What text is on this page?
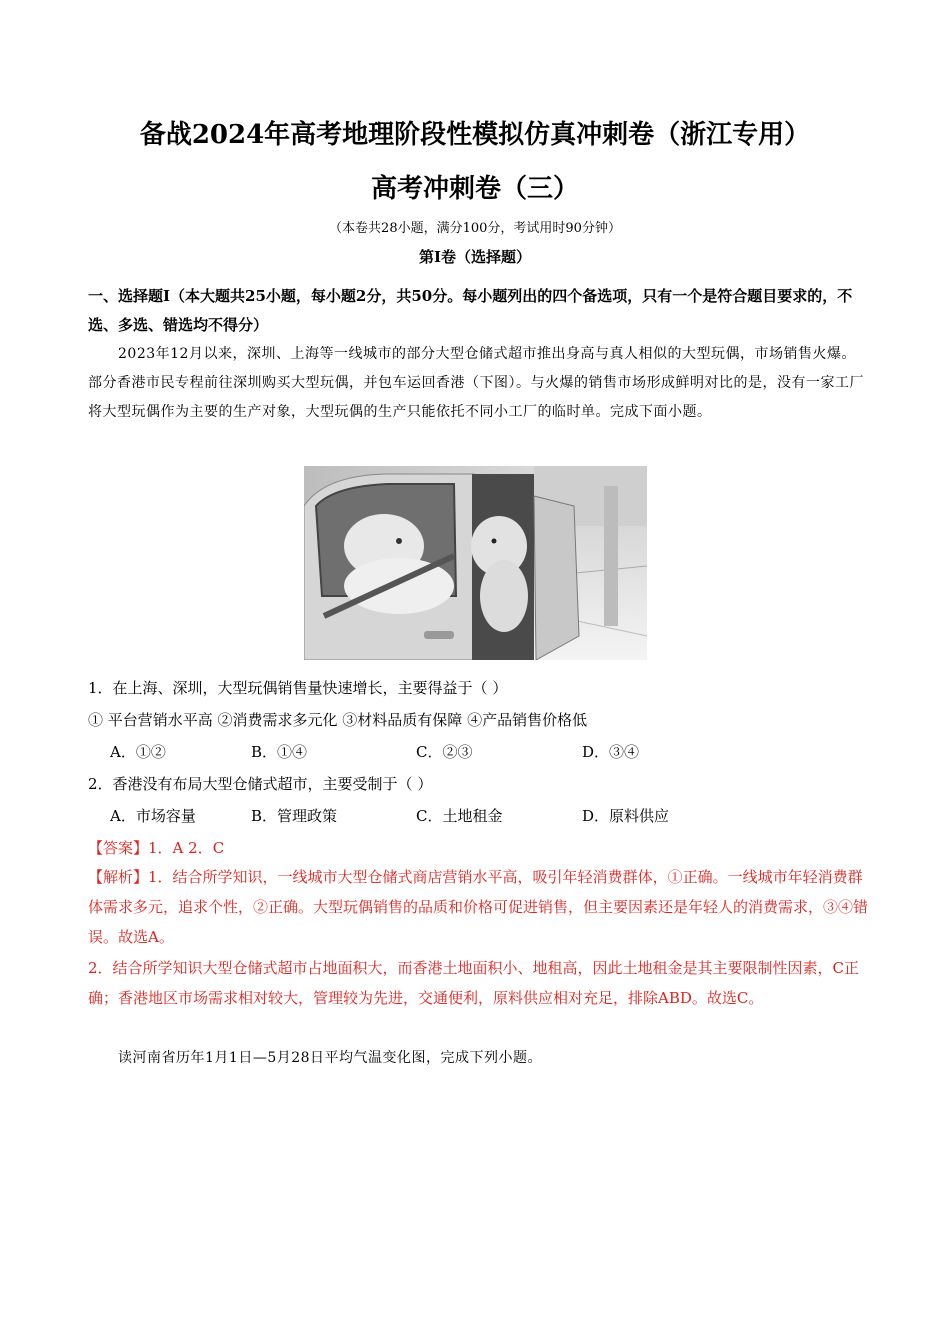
备战2024年高考地理阶段性模拟仿真冲刺卷（浙江专用）
高考冲刺卷（三）
（本卷共28小题，满分100分，考试用时90分钟）
第Ⅰ卷（选择题）
一、选择题Ⅰ（本大题共25小题，每小题2分，共50分。每小题列出的四个备选项，只有一个是符合题目要求的，不选、多选、错选均不得分）
2023年12月以来，深圳、上海等一线城市的部分大型仓储式超市推出身高与真人相似的大型玩偶，市场销售火爆。部分香港市民专程前往深圳购买大型玩偶，并包车运回香港（下图）。与火爆的销售市场形成鲜明对比的是，没有一家工厂将大型玩偶作为主要的生产对象，大型玩偶的生产只能依托不同小工厂的临时单。完成下面小题。
1．在上海、深圳，大型玩偶销售量快速增长，主要得益于（ ）
① 平台营销水平高 ②消费需求多元化 ③材料品质有保障 ④产品销售价格低
A．①②	B．①④	C．②③	D．③④
2．香港没有布局大型仓储式超市，主要受制于（ ）
A．市场容量	B．管理政策	C．土地租金	D．原料供应
【答案】1．A 2．C
【解析】1．结合所学知识，一线城市大型仓储式商店营销水平高，吸引年轻消费群体，①正确。一线城市年轻消费群体需求多元，追求个性，②正确。大型玩偶销售的品质和价格可促进销售，但主要因素还是年轻人的消费需求，③④错误。故选A。
2．结合所学知识大型仓储式超市占地面积大，而香港土地面积小、地租高，因此土地租金是其主要限制性因素，C正确；香港地区市场需求相对较大，管理较为先进，交通便利，原料供应相对充足，排除ABD。故选C。
读河南省历年1月1日—5月28日平均气温变化图，完成下列小题。
